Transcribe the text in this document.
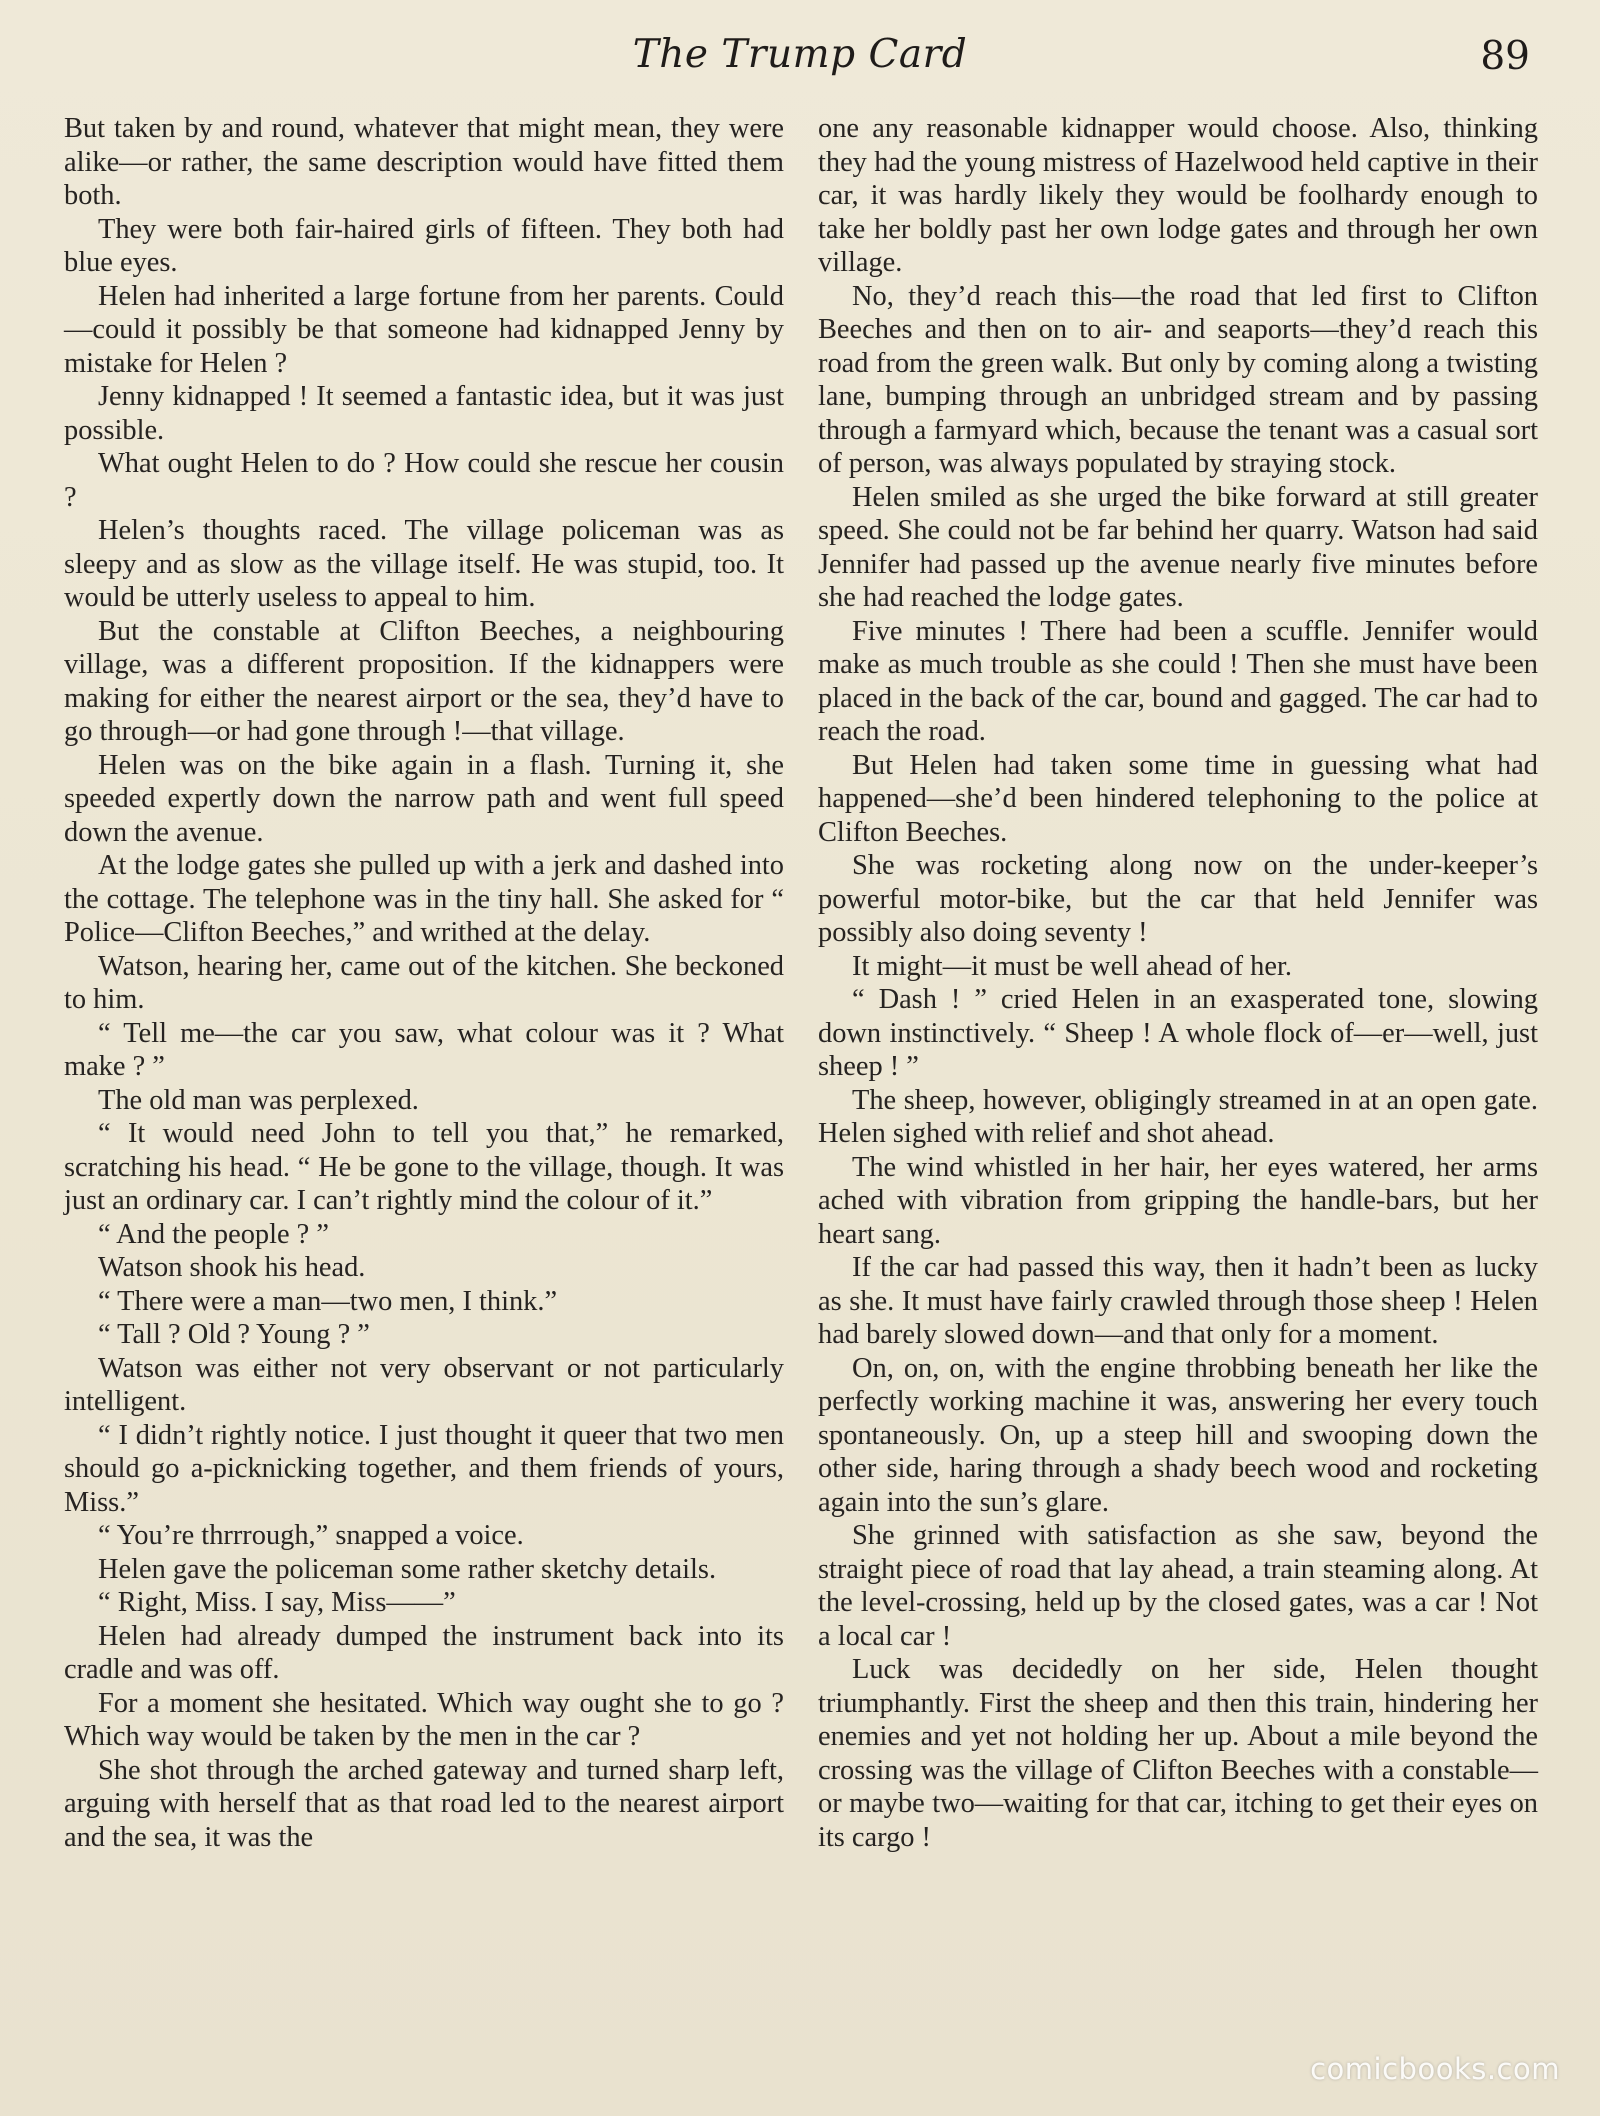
The Trump Card	89

But taken by and round, whatever that might mean, they were alike—or rather, the same description would have fitted them both.

They were both fair-haired girls of fifteen. They both had blue eyes.

Helen had inherited a large fortune from her parents. Could—could it possibly be that someone had kidnapped Jenny by mistake for Helen ?

Jenny kidnapped ! It seemed a fantastic idea, but it was just possible.

What ought Helen to do ? How could she rescue her cousin ?

Helen’s thoughts raced. The village policeman was as sleepy and as slow as the village itself. He was stupid, too. It would be utterly useless to appeal to him.

But the constable at Clifton Beeches, a neighbouring village, was a different proposition. If the kidnappers were making for either the nearest airport or the sea, they’d have to go through—or had gone through !—that village.

Helen was on the bike again in a flash. Turning it, she speeded expertly down the narrow path and went full speed down the avenue.

At the lodge gates she pulled up with a jerk and dashed into the cottage. The telephone was in the tiny hall. She asked for “ Police—Clifton Beeches,” and writhed at the delay.

Watson, hearing her, came out of the kitchen. She beckoned to him.

“ Tell me—the car you saw, what colour was it ? What make ? ”

The old man was perplexed.

“ It would need John to tell you that,” he remarked, scratching his head. “ He be gone to the village, though. It was just an ordinary car. I can’t rightly mind the colour of it.”

“ And the people ? ”

Watson shook his head.

“ There were a man—two men, I think.”

“ Tall ? Old ? Young ? ”

Watson was either not very observant or not particularly intelligent.

“ I didn’t rightly notice. I just thought it queer that two men should go a-picknicking together, and them friends of yours, Miss.”

“ You’re thrrrough,” snapped a voice.

Helen gave the policeman some rather sketchy details.

“ Right, Miss. I say, Miss——”

Helen had already dumped the instrument back into its cradle and was off.

For a moment she hesitated. Which way ought she to go ? Which way would be taken by the men in the car ?

She shot through the arched gateway and turned sharp left, arguing with herself that as that road led to the nearest airport and the sea, it was the

one any reasonable kidnapper would choose. Also, thinking they had the young mistress of Hazelwood held captive in their car, it was hardly likely they would be foolhardy enough to take her boldly past her own lodge gates and through her own village.

No, they’d reach this—the road that led first to Clifton Beeches and then on to air- and seaports—they’d reach this road from the green walk. But only by coming along a twisting lane, bumping through an unbridged stream and by passing through a farmyard which, because the tenant was a casual sort of person, was always populated by straying stock.

Helen smiled as she urged the bike forward at still greater speed. She could not be far behind her quarry. Watson had said Jennifer had passed up the avenue nearly five minutes before she had reached the lodge gates.

Five minutes ! There had been a scuffle. Jennifer would make as much trouble as she could ! Then she must have been placed in the back of the car, bound and gagged. The car had to reach the road.

But Helen had taken some time in guessing what had happened—she’d been hindered telephoning to the police at Clifton Beeches.

She was rocketing along now on the under-keeper’s powerful motor-bike, but the car that held Jennifer was possibly also doing seventy !

It might—it must be well ahead of her.

“ Dash ! ” cried Helen in an exasperated tone, slowing down instinctively. “ Sheep ! A whole flock of—er—well, just sheep ! ”

The sheep, however, obligingly streamed in at an open gate. Helen sighed with relief and shot ahead.

The wind whistled in her hair, her eyes watered, her arms ached with vibration from gripping the handle-bars, but her heart sang.

If the car had passed this way, then it hadn’t been as lucky as she. It must have fairly crawled through those sheep ! Helen had barely slowed down—and that only for a moment.

On, on, on, with the engine throbbing beneath her like the perfectly working machine it was, answering her every touch spontaneously. On, up a steep hill and swooping down the other side, haring through a shady beech wood and rocketing again into the sun’s glare.

She grinned with satisfaction as she saw, beyond the straight piece of road that lay ahead, a train steaming along. At the level-crossing, held up by the closed gates, was a car ! Not a local car !

Luck was decidedly on her side, Helen thought triumphantly. First the sheep and then this train, hindering her enemies and yet not holding her up. About a mile beyond the crossing was the village of Clifton Beeches with a constable—or maybe two—waiting for that car, itching to get their eyes on its cargo !

comicbooks.com
